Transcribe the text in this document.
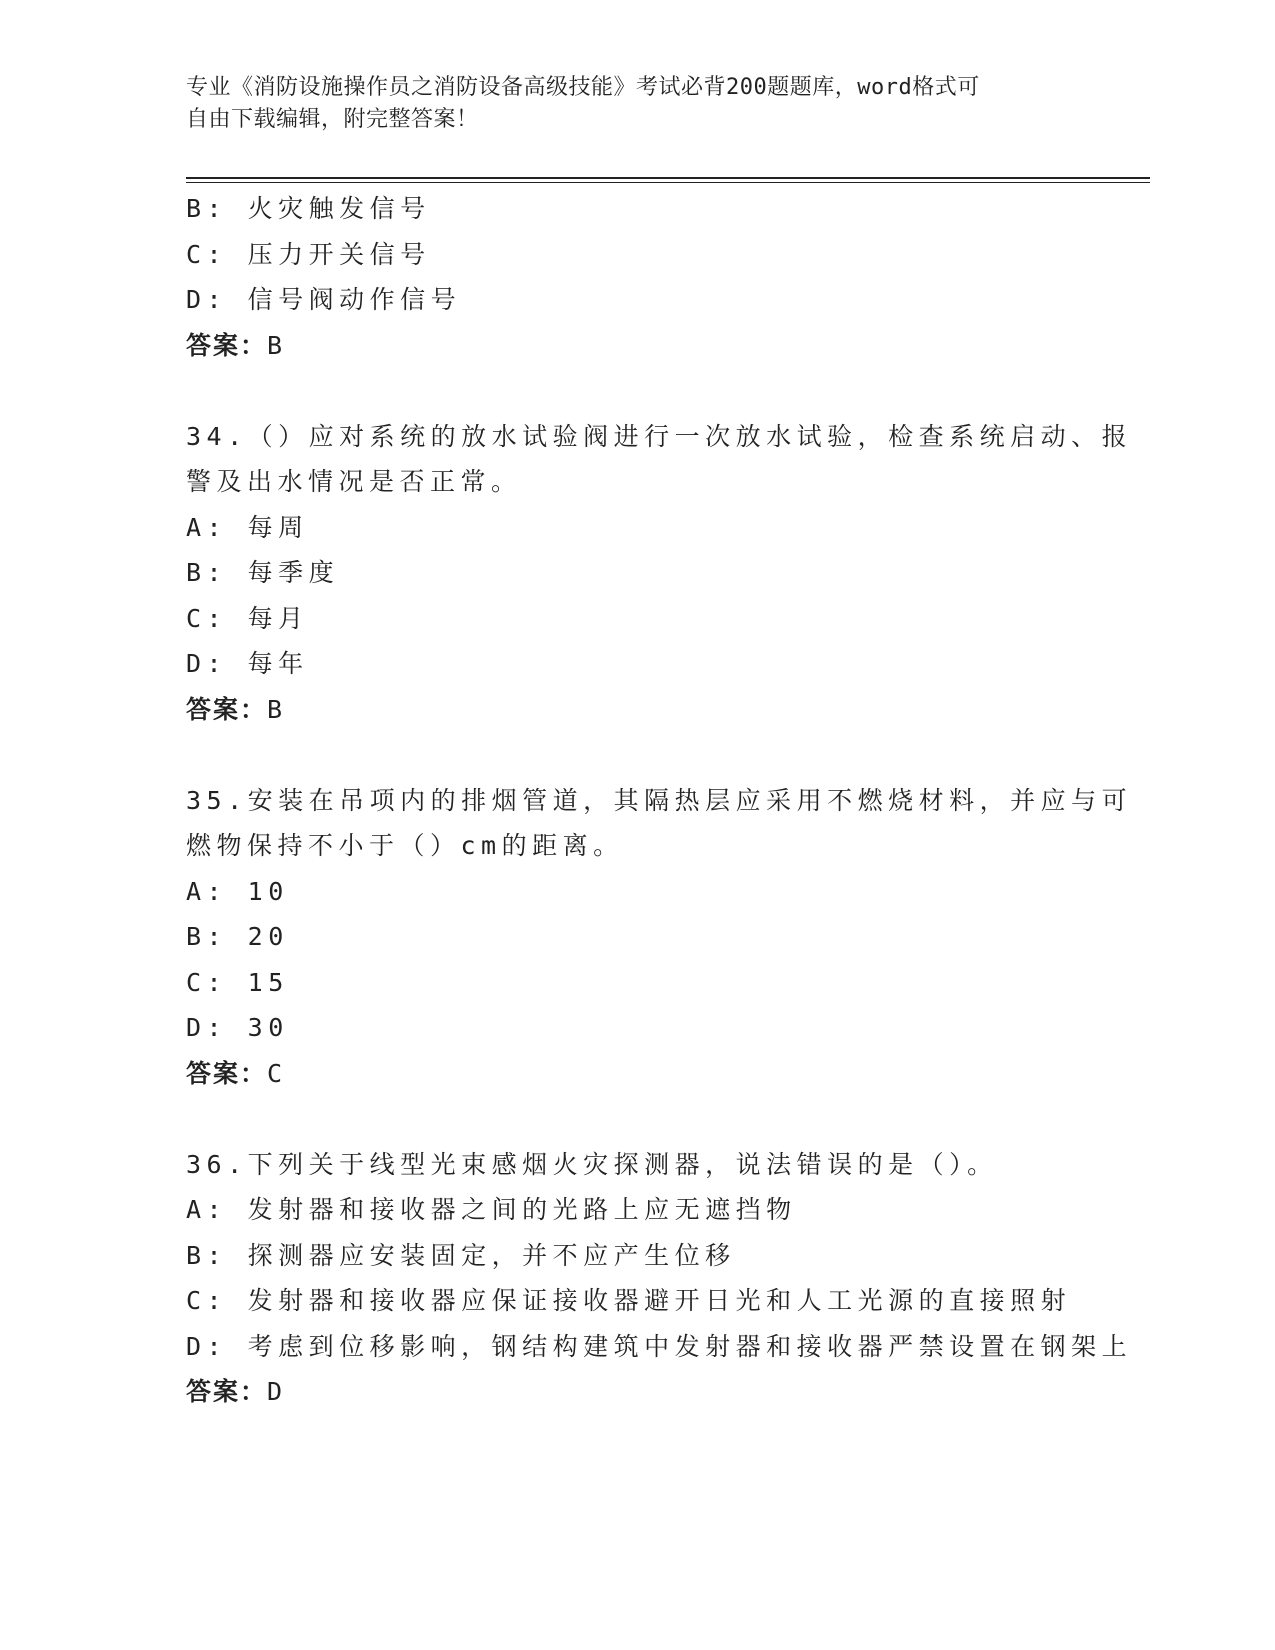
专业《消防设施操作员之消防设备高级技能》考试必背200题题库，word格式可
自由下载编辑，附完整答案！
B: 火灾触发信号
C: 压力开关信号
D: 信号阀动作信号
答案：B
34.（）应对系统的放水试验阀进行一次放水试验，检查系统启动、报
警及出水情况是否正常。
A: 每周
B: 每季度
C: 每月
D: 每年
答案：B
35.安装在吊项内的排烟管道，其隔热层应采用不燃烧材料，并应与可
燃物保持不小于（）cm的距离。
A: 10
B: 20
C: 15
D: 30
答案：C
36.下列关于线型光束感烟火灾探测器，说法错误的是（）。
A: 发射器和接收器之间的光路上应无遮挡物
B: 探测器应安装固定，并不应产生位移
C: 发射器和接收器应保证接收器避开日光和人工光源的直接照射
D: 考虑到位移影响，钢结构建筑中发射器和接收器严禁设置在钢架上
答案：D
